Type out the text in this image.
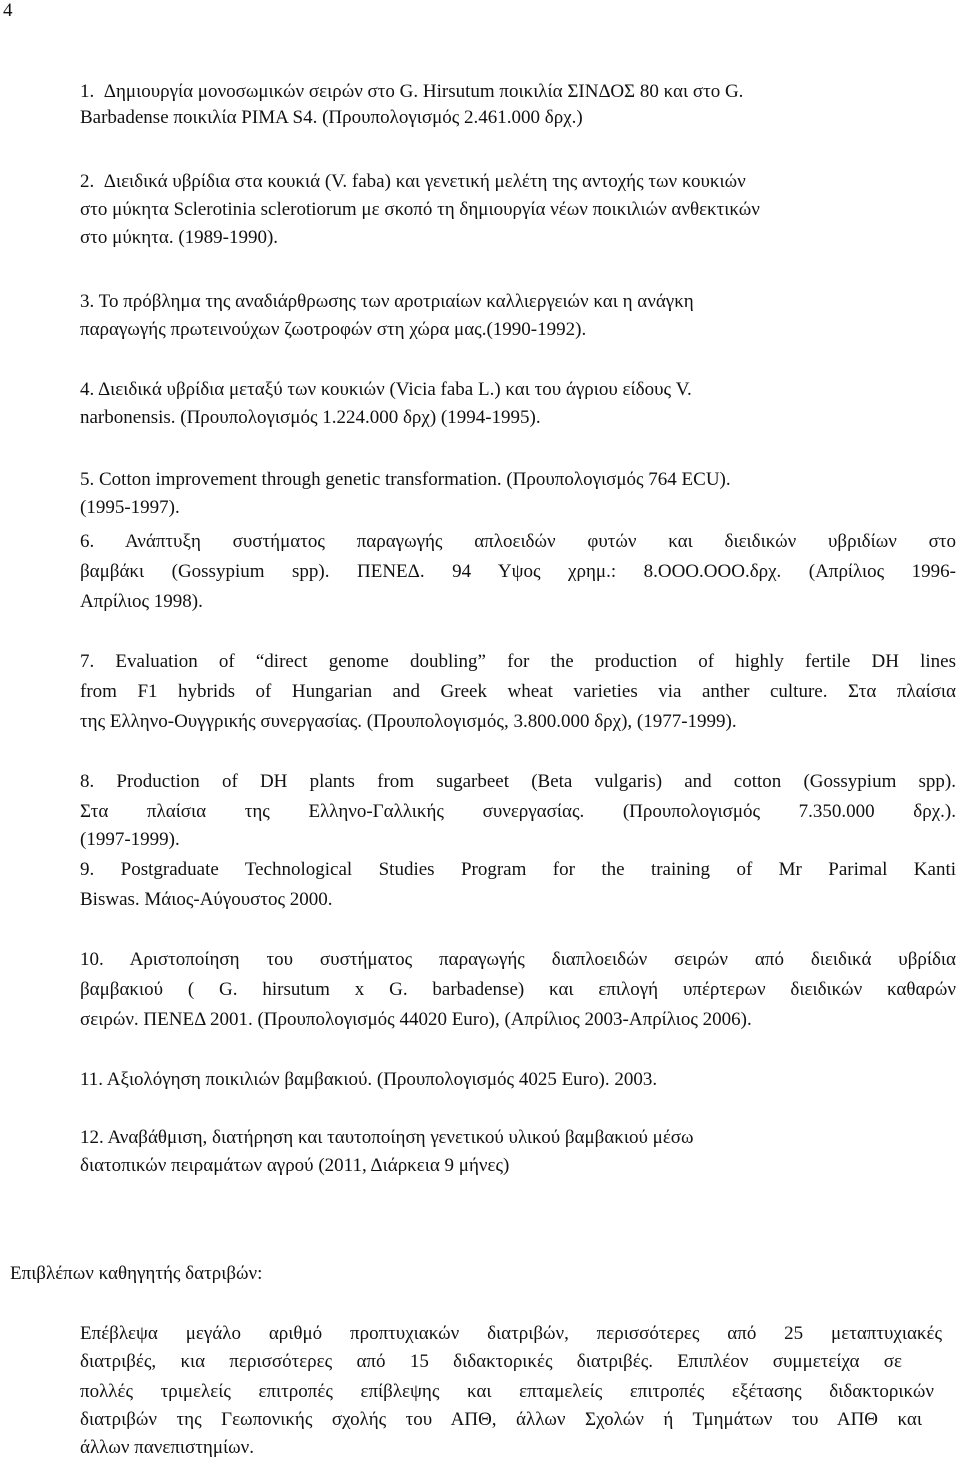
4
1.  Δημιουργία μονοσωμικών σειρών στο G. Hirsutum ποικιλία ΣΙΝΔΟΣ 80 και στο G.
Barbadense ποικιλία PIMA S4. (Προυπολογισμός 2.461.000 δρχ.)
2.  Διειδικά υβρίδια στα κουκιά (V. faba) και γενετική μελέτη της αντοχής των κουκιών
στο μύκητα Sclerotinia sclerotiorum με σκοπό τη δημιουργία νέων ποικιλιών ανθεκτικών
στο μύκητα. (1989-1990).
3. Το πρόβλημα της αναδιάρθρωσης των αροτριαίων καλλιεργειών και η ανάγκη
παραγωγής πρωτεινούχων ζωοτροφών στη χώρα μας.(1990-1992).
4. Διειδικά υβρίδια μεταξύ των κουκιών (Vicia faba L.) και του άγριου είδους V.
narbonensis. (Προυπολογισμός 1.224.000 δρχ) (1994-1995).
5. Cotton improvement through genetic transformation. (Προυπολογισμός 764 ECU).
(1995-1997).
6. Ανάπτυξη συστήματος παραγωγής απλοειδών φυτών και διειδικών υβριδίων στο
βαμβάκι (Gossypium spp). ΠΕΝΕΔ. 94 Υψος χρημ.: 8.ΟΟΟ.ΟΟΟ.δρχ. (Απρίλιος 1996-
Απρίλιος 1998).
7. Evaluation of “direct genome doubling” for the production of highly fertile DH lines
from F1 hybrids of Hungarian and Greek wheat varieties via anther culture. Στα πλαίσια
της Ελληνο-Ουγγρικής συνεργασίας. (Προυπολογισμός, 3.800.000 δρχ), (1977-1999).
8. Production of DH plants from sugarbeet (Beta vulgaris) and cotton (Gossypium spp).
Στα πλαίσια της Ελληνο-Γαλλικής συνεργασίας. (Προυπολογισμός 7.350.000 δρχ.).
(1997-1999).
9. Postgraduate Technological Studies Program for the training of Mr Parimal Kanti
Biswas. Μάιος-Αύγουστος 2000.
10. Αριστοποίηση του συστήματος παραγωγής διαπλοειδών σειρών από διειδικά υβρίδια
βαμβακιού ( G. hirsutum x G. barbadense) και επιλογή υπέρτερων διειδικών καθαρών
σειρών. ΠΕΝΕΔ 2001. (Προυπολογισμός 44020 Euro), (Απρίλιος 2003-Απρίλιος 2006).
11. Αξιολόγηση ποικιλιών βαμβακιού. (Προυπολογισμός 4025 Euro). 2003.
12. Αναβάθμιση, διατήρηση και ταυτοποίηση γενετικού υλικού βαμβακιού μέσω
διατοπικών πειραμάτων αγρού (2011, Διάρκεια 9 μήνες)
Επιβλέπων καθηγητής δατριβών:
Επέβλεψα μεγάλο αριθμό προπτυχιακών διατριβών, περισσότερες από 25 μεταπτυχιακές
διατριβές, κια περισσότερες από 15 διδακτορικές διατριβές. Επιπλέον συμμετείχα σε
πολλές τριμελείς επιτροπές επίβλεψης και επταμελείς επιτροπές εξέτασης διδακτορικών
διατριβών της Γεωπονικής σχολής του ΑΠΘ, άλλων Σχολών ή Τμημάτων του ΑΠΘ και
άλλων πανεπιστημίων.
